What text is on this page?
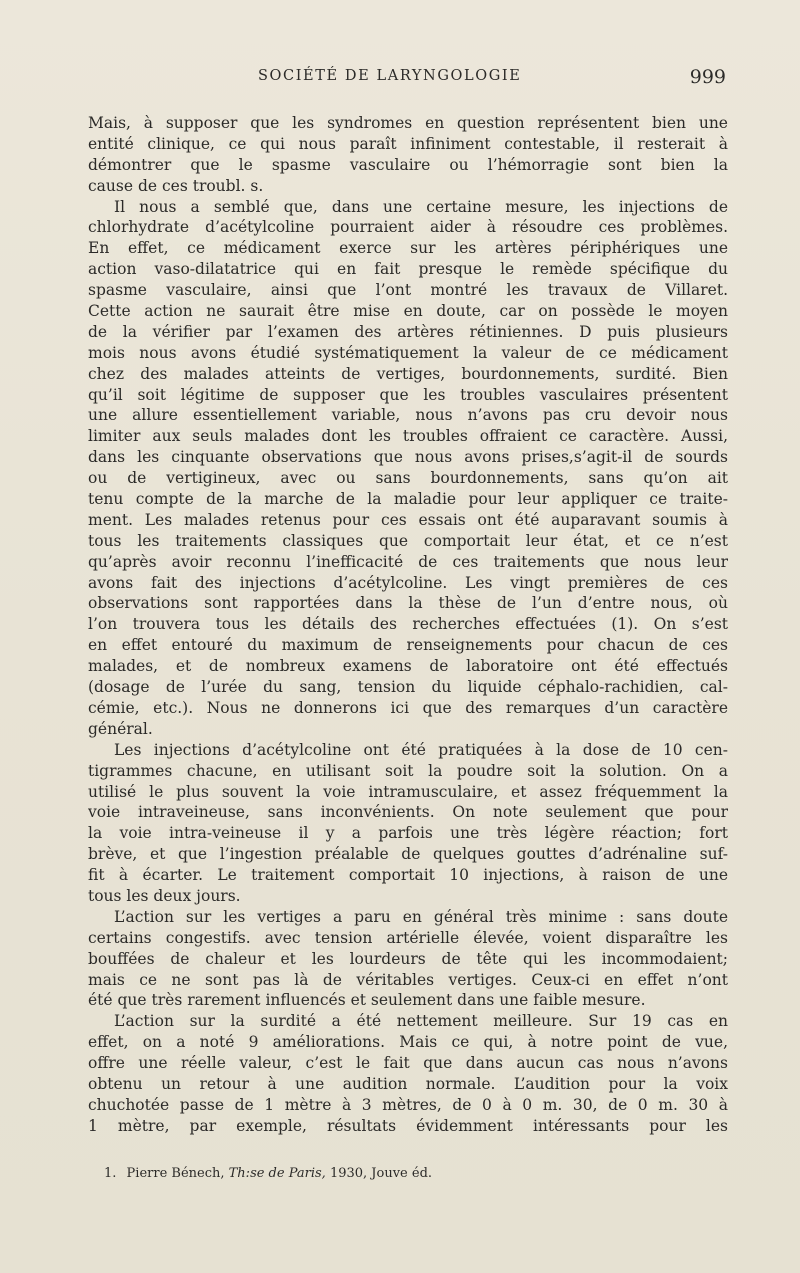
SOCIÉTÉ DE LARYNGOLOGIE	999
Mais, à supposer que les syndromes en question représentent bien une
entité clinique, ce qui nous paraît infiniment contestable, il resterait à
démontrer que le spasme vasculaire ou l’hémorragie sont bien la
cause de ces troubl. s.
Il nous a semblé que, dans une certaine mesure, les injections de
chlorhydrate d’acétylcoline pourraient aider à résoudre ces problèmes.
En effet, ce médicament exerce sur les artères périphériques une
action vaso-dilatatrice qui en fait presque le remède spécifique du
spasme vasculaire, ainsi que l’ont montré les travaux de Villaret.
Cette action ne saurait être mise en doute, car on possède le moyen
de la vérifier par l’examen des artères rétiniennes. D puis plusieurs
mois nous avons étudié systématiquement la valeur de ce médicament
chez des malades atteints de vertiges, bourdonnements, surdité. Bien
qu’il soit légitime de supposer que les troubles vasculaires présentent
une allure essentiellement variable, nous n’avons pas cru devoir nous
limiter aux seuls malades dont les troubles offraient ce caractère. Aussi,
dans les cinquante observations que nous avons prises,s’agit-il de sourds
ou de vertigineux, avec ou sans bourdonnements, sans qu’on ait
tenu compte de la marche de la maladie pour leur appliquer ce traite-
ment. Les malades retenus pour ces essais ont été auparavant soumis à
tous les traitements classiques que comportait leur état, et ce n’est
qu’après avoir reconnu l’inefficacité de ces traitements que nous leur
avons fait des injections d’acétylcoline. Les vingt premières de ces
observations sont rapportées dans la thèse de l’un d’entre nous, où
l’on trouvera tous les détails des recherches effectuées (1). On s’est
en effet entouré du maximum de renseignements pour chacun de ces
malades, et de nombreux examens de laboratoire ont été effectués
(dosage de l’urée du sang, tension du liquide céphalo-rachidien, cal-
cémie, etc.). Nous ne donnerons ici que des remarques d’un caractère
général.
Les injections d’acétylcoline ont été pratiquées à la dose de 10 cen-
tigrammes chacune, en utilisant soit la poudre soit la solution. On a
utilisé le plus souvent la voie intramusculaire, et assez fréquemment la
voie intraveineuse, sans inconvénients. On note seulement que pour
la voie intra-veineuse il y a parfois une très légère réaction; fort
brève, et que l’ingestion préalable de quelques gouttes d’adrénaline suf-
fit à écarter. Le traitement comportait 10 injections, à raison de une
tous les deux jours.
L’action sur les vertiges a paru en général très minime : sans doute
certains congestifs. avec tension artérielle élevée, voient disparaître les
bouffées de chaleur et les lourdeurs de tête qui les incommodaient;
mais ce ne sont pas là de véritables vertiges. Ceux-ci en effet n’ont
été que très rarement influencés et seulement dans une faible mesure.
L’action sur la surdité a été nettement meilleure. Sur 19 cas en
effet, on a noté 9 améliorations. Mais ce qui, à notre point de vue,
offre une réelle valeur, c’est le fait que dans aucun cas nous n’avons
obtenu un retour à une audition normale. L’audition pour la voix
chuchotée passe de 1 mètre à 3 mètres, de 0 à 0 m. 30, de 0 m. 30 à
1 mètre, par exemple, résultats évidemment intéressants pour les
1. Pierre Bénech, Th:se de Paris, 1930, Jouve éd.
